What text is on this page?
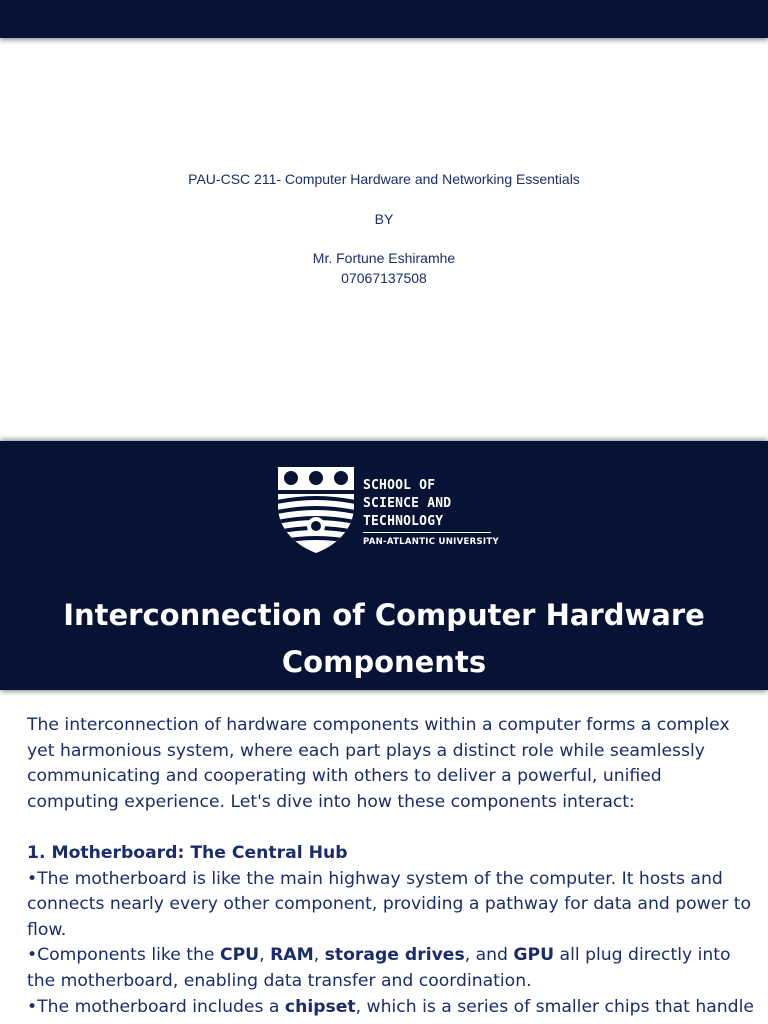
PAU-CSC 211- Computer Hardware and Networking Essentials
BY
Mr. Fortune Eshiramhe
07067137508
SCHOOL OF
SCIENCE AND
TECHNOLOGY
PAN-ATLANTIC UNIVERSITY
Interconnection of Computer Hardware Components

The interconnection of hardware components within a computer forms a complex yet harmonious system, where each part plays a distinct role while seamlessly communicating and cooperating with others to deliver a powerful, unified computing experience. Let's dive into how these components interact:

1. Motherboard: The Central Hub

•The motherboard is like the main highway system of the computer. It hosts and connects nearly every other component, providing a pathway for data and power to flow.

•Components like the CPU, RAM, storage drives, and GPU all plug directly into the motherboard, enabling data transfer and coordination.

•The motherboard includes a chipset, which is a series of smaller chips that handle
